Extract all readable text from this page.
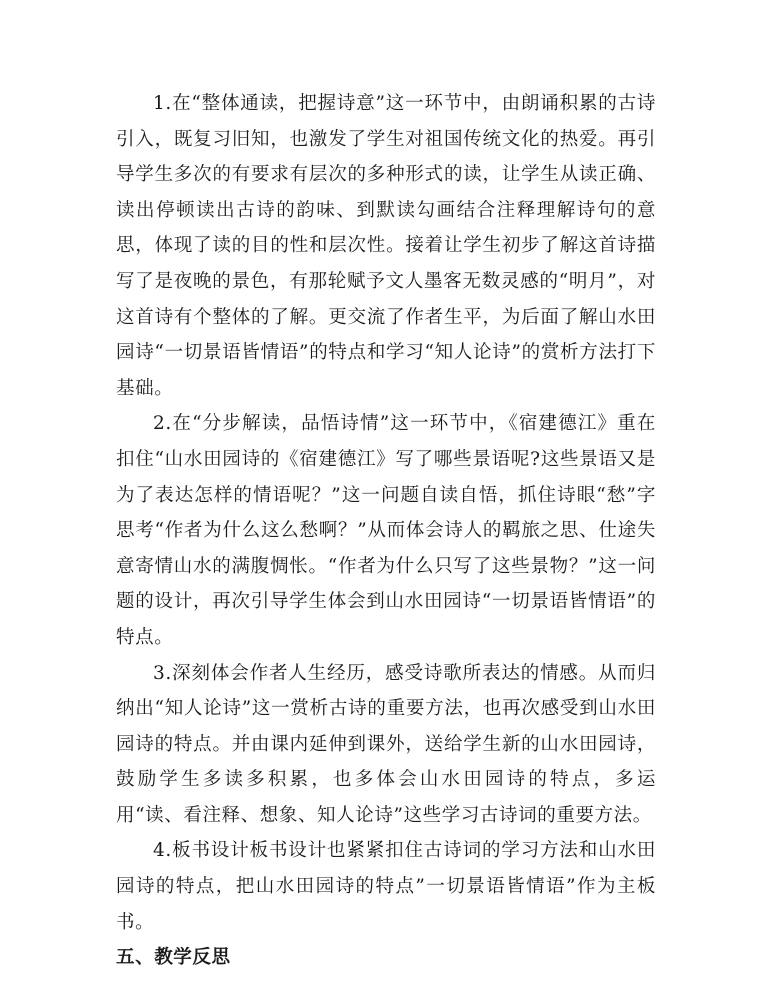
1.在“整体通读，把握诗意”这一环节中，由朗诵积累的古诗引入，既复习旧知，也激发了学生对祖国传统文化的热爱。再引导学生多次的有要求有层次的多种形式的读，让学生从读正确、读出停顿读出古诗的韵味、到默读勾画结合注释理解诗句的意思，体现了读的目的性和层次性。接着让学生初步了解这首诗描写了是夜晚的景色，有那轮赋予文人墨客无数灵感的“明月”，对这首诗有个整体的了解。更交流了作者生平，为后面了解山水田园诗“一切景语皆情语”的特点和学习“知人论诗”的赏析方法打下基础。

2.在“分步解读，品悟诗情”这一环节中，《宿建德江》重在扣住“山水田园诗的《宿建德江》写了哪些景语呢?这些景语又是为了表达怎样的情语呢？”这一问题自读自悟，抓住诗眼“愁”字思考“作者为什么这么愁啊？”从而体会诗人的羁旅之思、仕途失意寄情山水的满腹惆怅。“作者为什么只写了这些景物？”这一问题的设计，再次引导学生体会到山水田园诗“一切景语皆情语”的特点。

3.深刻体会作者人生经历，感受诗歌所表达的情感。从而归纳出“知人论诗”这一赏析古诗的重要方法，也再次感受到山水田园诗的特点。并由课内延伸到课外，送给学生新的山水田园诗，鼓励学生多读多积累，也多体会山水田园诗的特点，多运用“读、看注释、想象、知人论诗”这些学习古诗词的重要方法。

4.板书设计板书设计也紧紧扣住古诗词的学习方法和山水田园诗的特点，把山水田园诗的特点”一切景语皆情语”作为主板书。

五、教学反思
